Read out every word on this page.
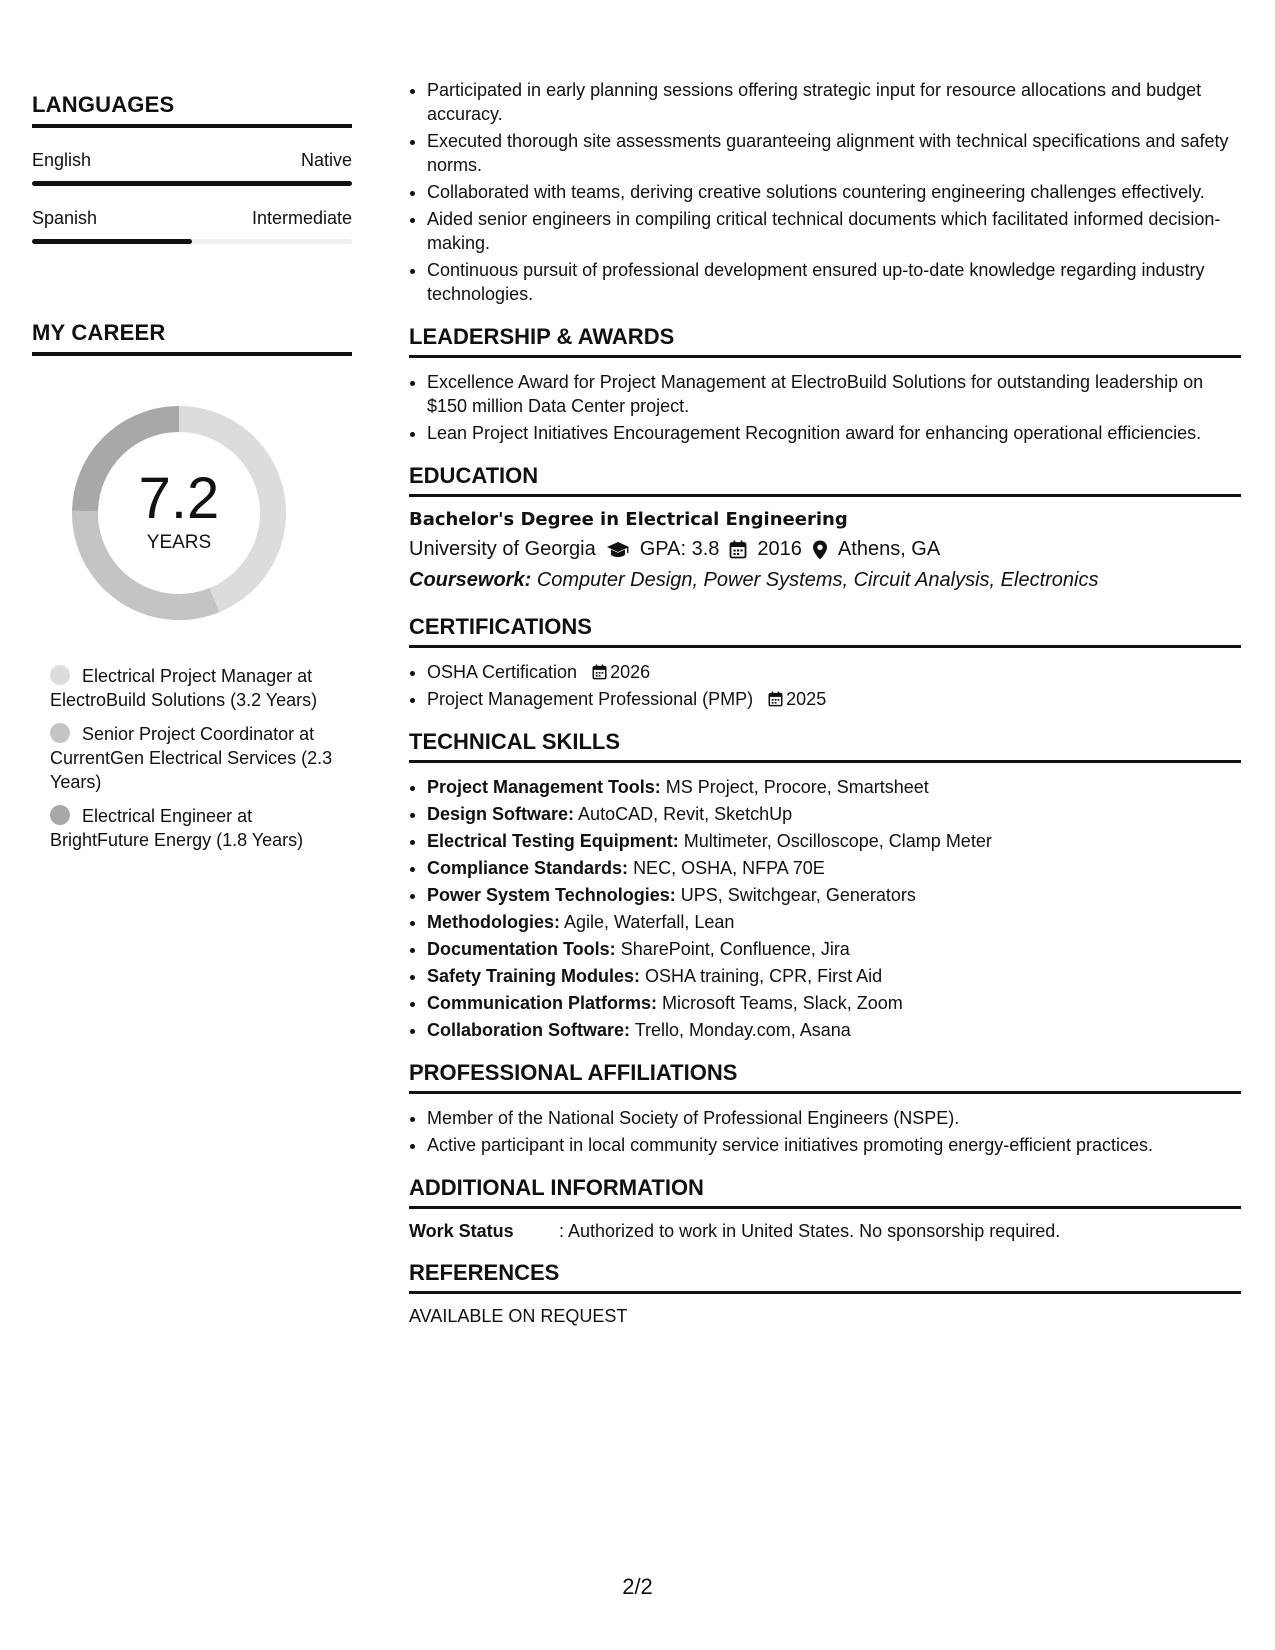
LANGUAGES
English	Native
Spanish	Intermediate
MY CAREER
7.2
YEARS
Electrical Project Manager at ElectroBuild Solutions (3.2 Years)
Senior Project Coordinator at CurrentGen Electrical Services (2.3 Years)
Electrical Engineer at BrightFuture Energy (1.8 Years)
• Participated in early planning sessions offering strategic input for resource allocations and budget accuracy.
• Executed thorough site assessments guaranteeing alignment with technical specifications and safety norms.
• Collaborated with teams, deriving creative solutions countering engineering challenges effectively.
• Aided senior engineers in compiling critical technical documents which facilitated informed decision-making.
• Continuous pursuit of professional development ensured up-to-date knowledge regarding industry technologies.
LEADERSHIP & AWARDS
• Excellence Award for Project Management at ElectroBuild Solutions for outstanding leadership on $150 million Data Center project.
• Lean Project Initiatives Encouragement Recognition award for enhancing operational efficiencies.
EDUCATION
Bachelor's Degree in Electrical Engineering
University of Georgia GPA: 3.8 2016 Athens, GA
Coursework: Computer Design, Power Systems, Circuit Analysis, Electronics
CERTIFICATIONS
• OSHA Certification 2026
• Project Management Professional (PMP) 2025
TECHNICAL SKILLS
• Project Management Tools: MS Project, Procore, Smartsheet
• Design Software: AutoCAD, Revit, SketchUp
• Electrical Testing Equipment: Multimeter, Oscilloscope, Clamp Meter
• Compliance Standards: NEC, OSHA, NFPA 70E
• Power System Technologies: UPS, Switchgear, Generators
• Methodologies: Agile, Waterfall, Lean
• Documentation Tools: SharePoint, Confluence, Jira
• Safety Training Modules: OSHA training, CPR, First Aid
• Communication Platforms: Microsoft Teams, Slack, Zoom
• Collaboration Software: Trello, Monday.com, Asana
PROFESSIONAL AFFILIATIONS
• Member of the National Society of Professional Engineers (NSPE).
• Active participant in local community service initiatives promoting energy-efficient practices.
ADDITIONAL INFORMATION
Work Status	: Authorized to work in United States. No sponsorship required.
REFERENCES
AVAILABLE ON REQUEST
2/2
